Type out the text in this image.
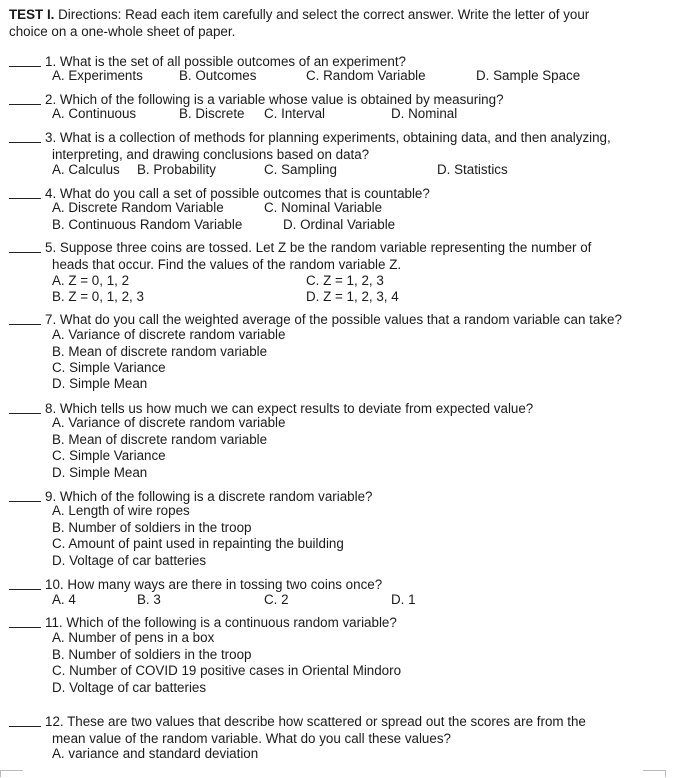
TEST I. Directions: Read each item carefully and select the correct answer. Write the letter of your
choice on a one-whole sheet of paper.
1. What is the set of all possible outcomes of an experiment?
A. Experiments	B. Outcomes	C. Random Variable	D. Sample Space
2. Which of the following is a variable whose value is obtained by measuring?
A. Continuous	B. Discrete C. Interval	D. Nominal
3. What is a collection of methods for planning experiments, obtaining data, and then analyzing,
interpreting, and drawing conclusions based on data?
A. Calculus B. Probability	C. Sampling	D. Statistics
4. What do you call a set of possible outcomes that is countable?
A. Discrete Random Variable	C. Nominal Variable
B. Continuous Random Variable	D. Ordinal Variable
5. Suppose three coins are tossed. Let Z be the random variable representing the number of
heads that occur. Find the values of the random variable Z.
A. Z = 0, 1, 2	C. Z = 1, 2, 3
B. Z = 0, 1, 2, 3	D. Z = 1, 2, 3, 4
7. What do you call the weighted average of the possible values that a random variable can take?
A. Variance of discrete random variable
B. Mean of discrete random variable
C. Simple Variance
D. Simple Mean
8. Which tells us how much we can expect results to deviate from expected value?
A. Variance of discrete random variable
B. Mean of discrete random variable
C. Simple Variance
D. Simple Mean
9. Which of the following is a discrete random variable?
A. Length of wire ropes
B. Number of soldiers in the troop
C. Amount of paint used in repainting the building
D. Voltage of car batteries
10. How many ways are there in tossing two coins once?
A. 4	B. 3	C. 2	D. 1
11. Which of the following is a continuous random variable?
A. Number of pens in a box
B. Number of soldiers in the troop
C. Number of COVID 19 positive cases in Oriental Mindoro
D. Voltage of car batteries
12. These are two values that describe how scattered or spread out the scores are from the
mean value of the random variable. What do you call these values?
A. variance and standard deviation
